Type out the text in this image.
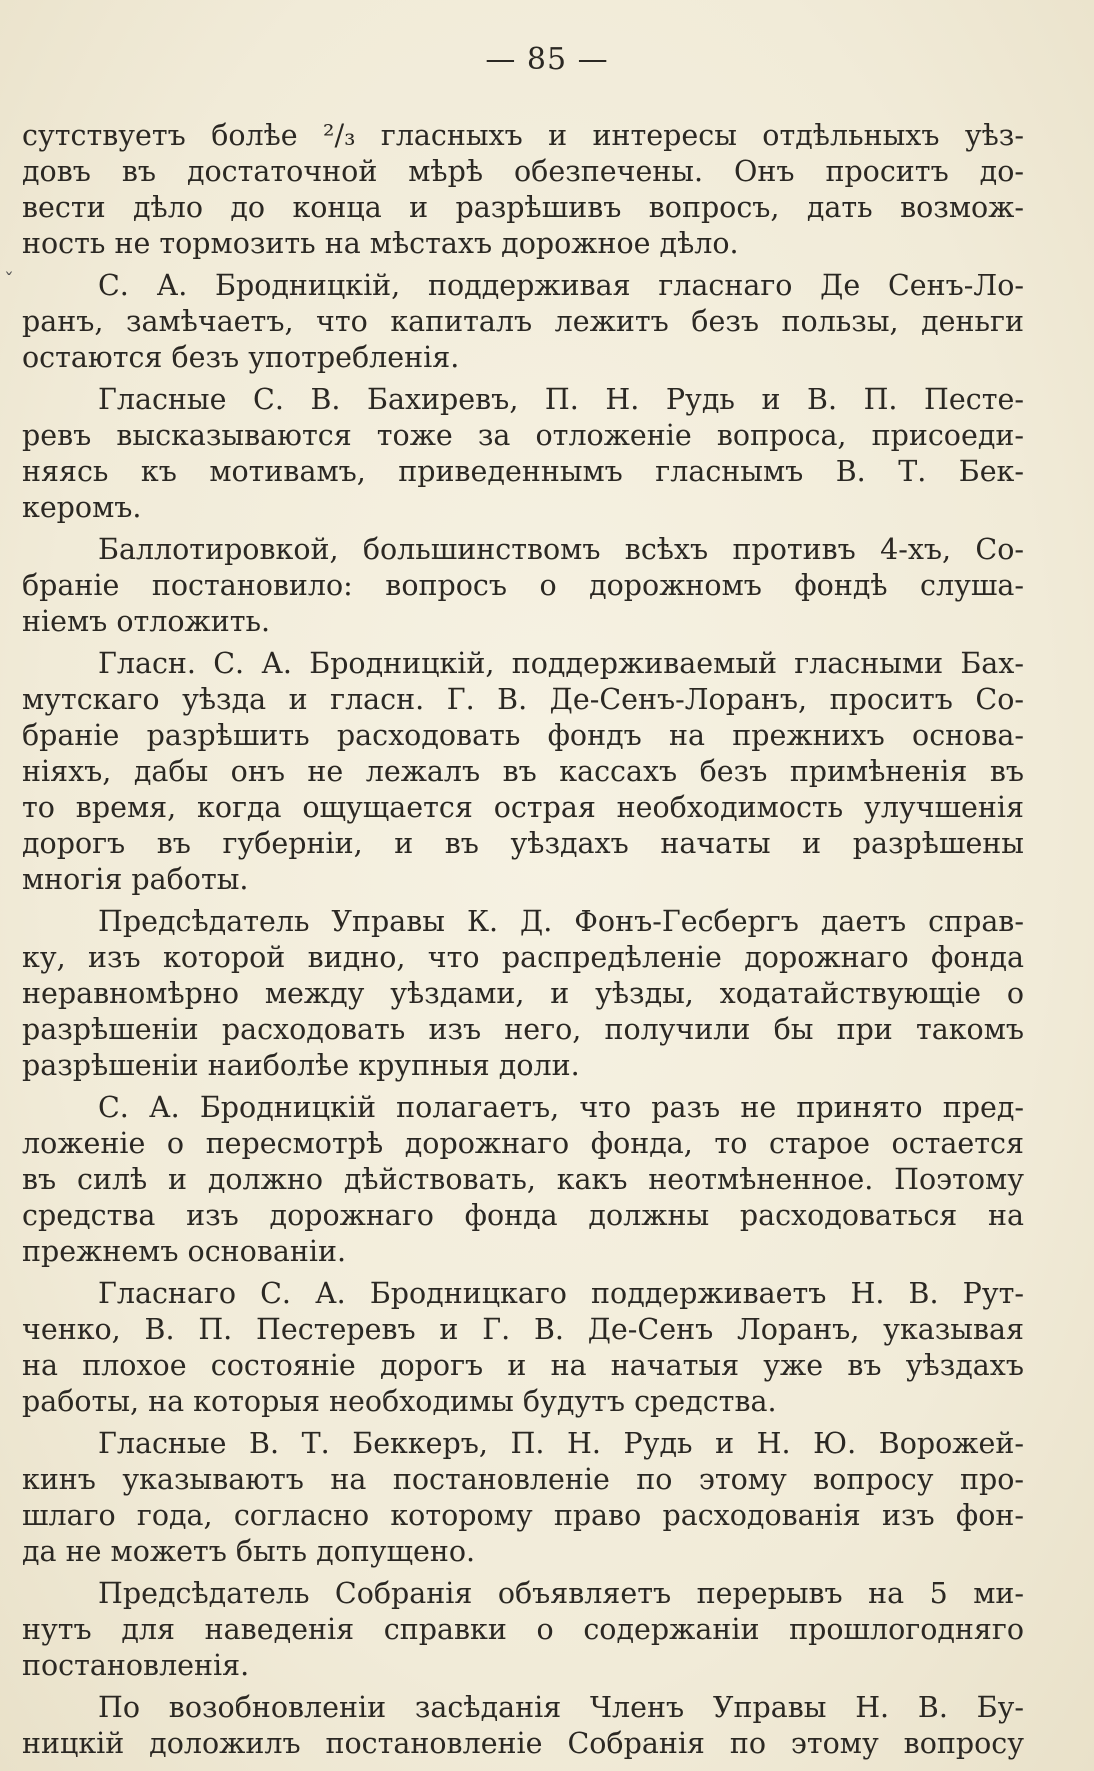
— 85 —
ˇ
сутствуетъ болѣе ²/₃ гласныхъ и интересы отдѣльныхъ уѣз-
довъ въ достаточной мѣрѣ обезпечены. Онъ проситъ до-
вести дѣло до конца и разрѣшивъ вопросъ, дать возмож-
ность не тормозить на мѣстахъ дорожное дѣло.
С. А. Бродницкій, поддерживая гласнаго Де Сенъ-Ло-
ранъ, замѣчаетъ, что капиталъ лежитъ безъ пользы, деньги
остаются безъ употребленія.
Гласные С. В. Бахиревъ, П. Н. Рудь и В. П. Песте-
ревъ высказываются тоже за отложеніе вопроса, присоеди-
няясь къ мотивамъ, приведеннымъ гласнымъ В. Т. Бек-
керомъ.
Баллотировкой, большинствомъ всѣхъ противъ 4-хъ, Со-
браніе постановило: вопросъ о дорожномъ фондѣ слуша-
ніемъ отложить.
Гласн. С. А. Бродницкій, поддерживаемый гласными Бах-
мутскаго уѣзда и гласн. Г. В. Де-Сенъ-Лоранъ, проситъ Со-
браніе разрѣшить расходовать фондъ на прежнихъ основа-
ніяхъ, дабы онъ не лежалъ въ кассахъ безъ примѣненія въ
то время, когда ощущается острая необходимость улучшенія
дорогъ въ губерніи, и въ уѣздахъ начаты и разрѣшены
многія работы.
Предсѣдатель Управы К. Д. Фонъ-Гесбергъ даетъ справ-
ку, изъ которой видно, что распредѣленіе дорожнаго фонда
неравномѣрно между уѣздами, и уѣзды, ходатайствующіе о
разрѣшеніи расходовать изъ него, получили бы при такомъ
разрѣшеніи наиболѣе крупныя доли.
С. А. Бродницкій полагаетъ, что разъ не принято пред-
ложеніе о пересмотрѣ дорожнаго фонда, то старое остается
въ силѣ и должно дѣйствовать, какъ неотмѣненное. Поэтому
средства изъ дорожнаго фонда должны расходоваться на
прежнемъ основаніи.
Гласнаго С. А. Бродницкаго поддерживаетъ Н. В. Рут-
ченко, В. П. Пестеревъ и Г. В. Де-Сенъ Лоранъ, указывая
на плохое состояніе дорогъ и на начатыя уже въ уѣздахъ
работы, на которыя необходимы будутъ средства.
Гласные В. Т. Беккеръ, П. Н. Рудь и Н. Ю. Ворожей-
кинъ указываютъ на постановленіе по этому вопросу про-
шлаго года, согласно которому право расходованія изъ фон-
да не можетъ быть допущено.
Предсѣдатель Собранія объявляетъ перерывъ на 5 ми-
нутъ для наведенія справки о содержаніи прошлогодняго
постановленія.
По возобновленіи засѣданія Членъ Управы Н. В. Бу-
ницкій доложилъ постановленіе Собранія по этому вопросу
